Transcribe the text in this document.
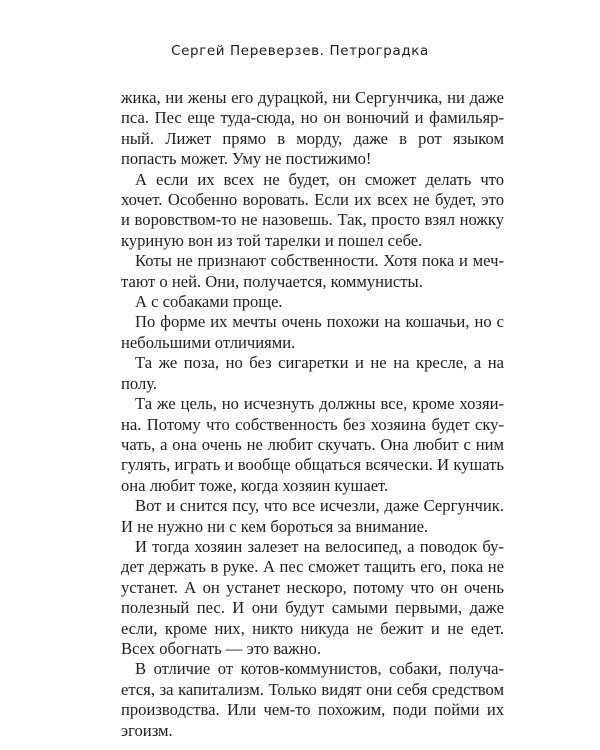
Сергей Переверзев. Петроградка

жика, ни жены его дурацкой, ни Сергунчика, ни даже пса. Пес еще туда-сюда, но он вонючий и фамильярный. Лижет прямо в морду, даже в рот языком попасть может. Уму не постижимо!

А если их всех не будет, он сможет делать что хочет. Особенно воровать. Если их всех не будет, это и воровством-то не назовешь. Так, просто взял ножку куриную вон из той тарелки и пошел себе.

Коты не признают собственности. Хотя пока и мечтают о ней. Они, получается, коммунисты.

А с собаками проще.

По форме их мечты очень похожи на кошачьи, но с небольшими отличиями.

Та же поза, но без сигаретки и не на кресле, а на полу.

Та же цель, но исчезнуть должны все, кроме хозяина. Потому что собственность без хозяина будет скучать, а она очень не любит скучать. Она любит с ним гулять, играть и вообще общаться всячески. И кушать она любит тоже, когда хозяин кушает.

Вот и снится псу, что все исчезли, даже Сергунчик. И не нужно ни с кем бороться за внимание.

И тогда хозяин залезет на велосипед, а поводок будет держать в руке. А пес сможет тащить его, пока не устанет. А он устанет нескоро, потому что он очень полезный пес. И они будут самыми первыми, даже если, кроме них, никто никуда не бежит и не едет. Всех обогнать — это важно.

В отличие от котов-коммунистов, собаки, получается, за капитализм. Только видят они себя средством производства. Или чем-то похожим, поди пойми их эгоизм.
